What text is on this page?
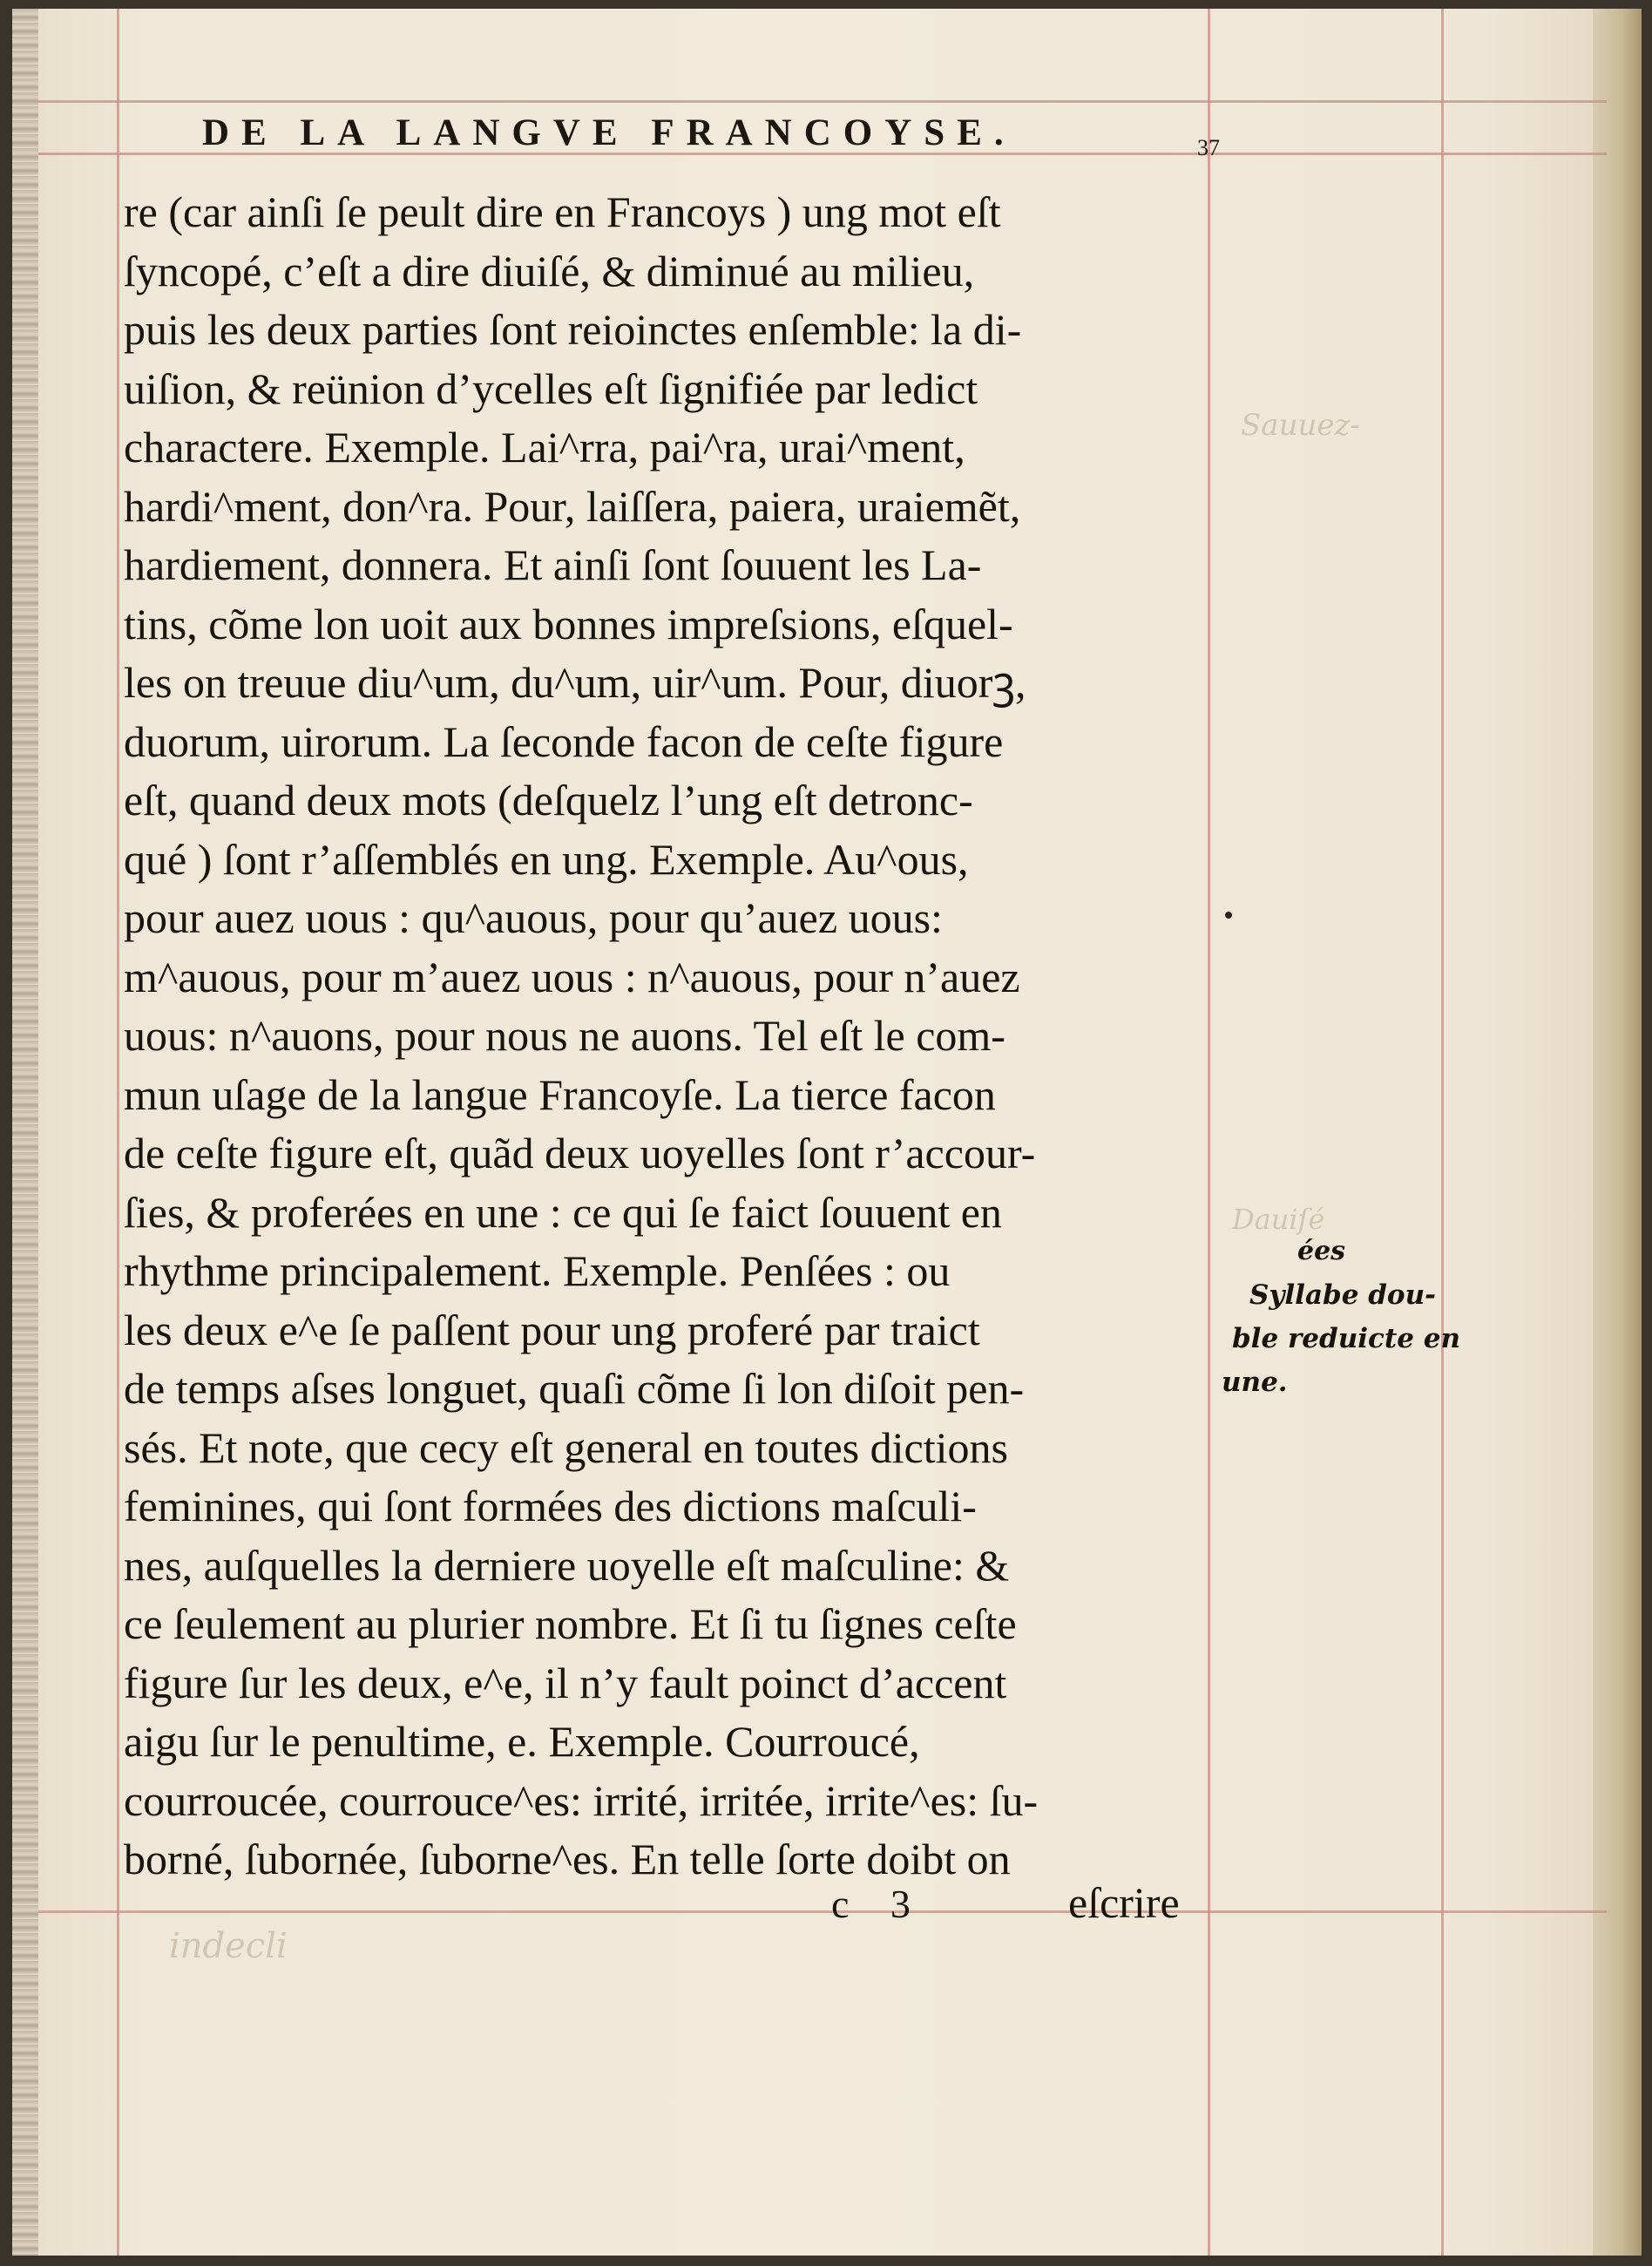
Sauuez-
Dauiſé
indecli
DE LA LANGVE FRANCOYSE.	37
re (car ainſi ſe peult dire en Francoys ) ung mot eſt
ſyncopé, c’eſt a dire diuiſé, & diminué au milieu,
puis les deux parties ſont reioinctes enſemble: la di-
uiſion, & reünion d’ycelles eſt ſignifiée par ledict
charactere. Exemple. Lai^rra, pai^ra, urai^ment,
hardi^ment, don^ra. Pour, laiſſera, paiera, uraiemẽt,
hardiement, donnera. Et ainſi ſont ſouuent les La-
tins, cõme lon uoit aux bonnes impreſsions, eſquel-
les on treuue diu^um, du^um, uir^um. Pour, diuorꝫ,
duorum, uirorum. La ſeconde facon de ceſte figure
eſt, quand deux mots (deſquelz l’ung eſt detronc-
qué ) ſont r’aſſemblés en ung. Exemple. Au^ous,
pour auez uous : qu^auous, pour qu’auez uous:
m^auous, pour m’auez uous : n^auous, pour n’auez
uous: n^auons, pour nous ne auons. Tel eſt le com-
mun uſage de la langue Francoyſe. La tierce facon
de ceſte figure eſt, quãd deux uoyelles ſont r’accour-
ſies, & proferées en une : ce qui ſe faict ſouuent en
rhythme principalement. Exemple. Penſées : ou
les deux e^e ſe paſſent pour ung proferé par traict
de temps aſses longuet, quaſi cõme ſi lon diſoit pen-
sés. Et note, que cecy eſt general en toutes dictions
feminines, qui ſont formées des dictions maſculi-
nes, auſquelles la derniere uoyelle eſt maſculine: &
ce ſeulement au plurier nombre. Et ſi tu ſignes ceſte
figure ſur les deux, e^e, il n’y fault poinct d’accent
aigu ſur le penultime, e. Exemple. Courroucé,
courroucée, courrouce^es: irrité, irritée, irrite^es: ſu-
borné, ſubornée, ſuborne^es. En telle ſorte doibt on
ées
Syllabe dou-
ble reduicte en
une.
c 3	eſcrire
